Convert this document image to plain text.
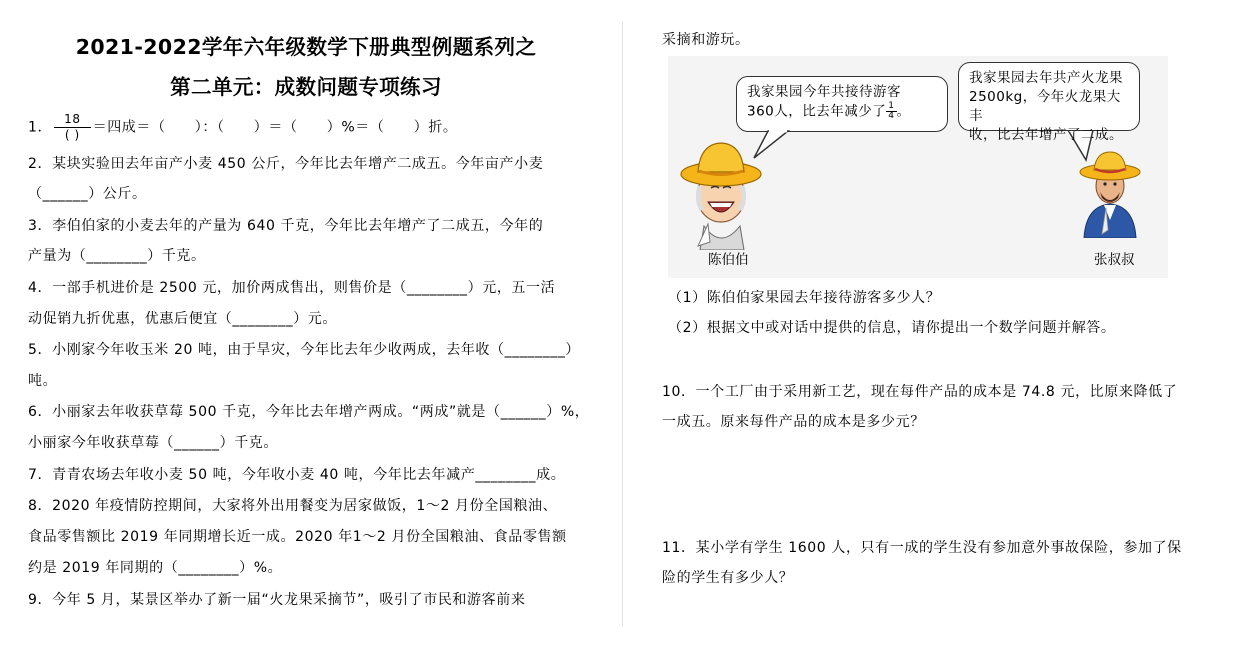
2021-2022学年六年级数学下册典型例题系列之
第二单元：成数问题专项练习
1． $\frac{18}{( )}$ ＝四成＝（　　）：（　　）＝（　　）%＝（　　）折。
2．某块实验田去年亩产小麦 450 公斤，今年比去年增产二成五。今年亩产小麦
（______）公斤。
3．李伯伯家的小麦去年的产量为 640 千克，今年比去年增产了二成五，今年的
产量为（________）千克。
4．一部手机进价是 2500 元，加价两成售出，则售价是（________）元，五一活
动促销九折优惠，优惠后便宜（________）元。
5．小刚家今年收玉米 20 吨，由于旱灾，今年比去年少收两成，去年收（________）
吨。
6．小丽家去年收获草莓 500 千克，今年比去年增产两成。“两成”就是（______）%，
小丽家今年收获草莓（______）千克。
7．青青农场去年收小麦 50 吨，今年收小麦 40 吨，今年比去年减产________成。
8．2020 年疫情防控期间，大家将外出用餐变为居家做饭，1～2 月份全国粮油、
食品零售额比 2019 年同期增长近一成。2020 年1～2 月份全国粮油、食品零售额
约是 2019 年同期的（________）%。
9．今年 5 月，某景区举办了新一届“火龙果采摘节”，吸引了市民和游客前来
采摘和游玩。
我家果园今年共接待游客
360人，比去年减少了 $\frac{1}{4}$ 。
我家果园去年共产火龙果
2500kg，今年火龙果大丰
收，比去年增产了二成。
陈伯伯	张叔叔
（1）陈伯伯家果园去年接待游客多少人？
（2）根据文中或对话中提供的信息，请你提出一个数学问题并解答。
10．一个工厂由于采用新工艺，现在每件产品的成本是 74.8 元，比原来降低了
一成五。原来每件产品的成本是多少元？
11．某小学有学生 1600 人，只有一成的学生没有参加意外事故保险，参加了保
险的学生有多少人？
